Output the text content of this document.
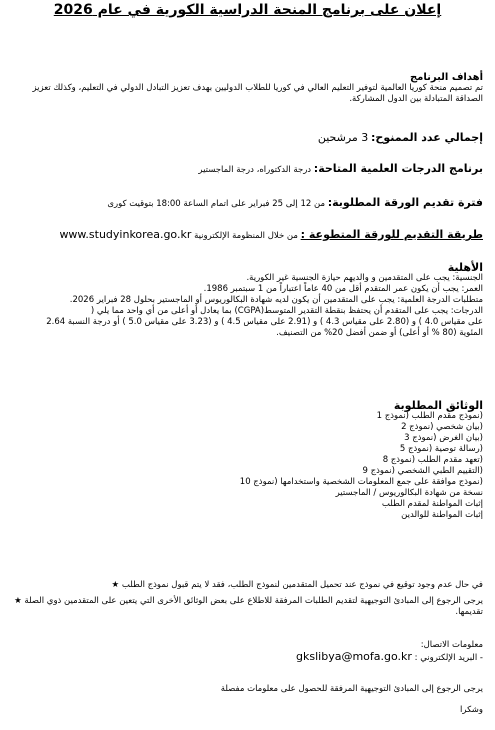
إعلان على برنامج المنحة الدراسية الكورية في عام 2026
أهداف البرنامج
تم تصميم منحة كوريا العالمية لتوفير التعليم العالي في كوريا للطلاب الدوليين بهدف تعزيز التبادل الدولي في التعليم، وكذلك تعزيز الصداقة المتبادلة بين الدول المشاركة.
إجمالي عدد الممنوح: 3 مرشحين
برنامج الدرجات العلمية المتاحة: درجة الدكتوراه، درجة الماجستير
فترة تقديم الورقة المطلوبة: من 12 إلى 25 فبراير على اتمام الساعة 18:00 بتوقيت كورى
طريقة التقديم للورقة المتطوعة : من خلال المنظومة الإلكترونية www.studyinkorea.go.kr
الأهلية
الجنسية: يجب على المتقدمين و والديهم حيازة الجنسية غير الكورية.
العمر: يجب أن يكون عمر المتقدم أقل من 40 عاماً اعتباراً من 1 سبتمبر 1986.
متطلبات الدرجة العلمية: يجب على المتقدمين أن يكون لديه شهادة البكالوريوس أو الماجستير بحلول 28 فبراير 2026.
الدرجات: يجب على المتقدم أن يحتفظ بنقطة التقدير المتوسط(CGPA) بما يعادل أو أعلى من أي واحد مما يلي (
على مقياس 4.0 ) و (2.80 على مقياس 4.3 ) و (2.91 على مقياس 4.5 ) و (3.23 على مقياس 5.0 ) أو درجة النسبة 2.64
المئوية (80 % أو أعلى) أو ضمن أفضل 20% من التصنيف.
الوثائق المطلوبة
(نموذج مقدم الطلب (نموذج 1
(بيان شخصي (نموذج 2
(بيان الغرض (نموذج 3
(رسالة توصية (نموذج 5
(تعهد مقدم الطلب (نموذج 8
(التقييم الطبي الشخصي (نموذج 9
(نموذج موافقة على جمع المعلومات الشخصية واستخدامها (نموذج 10
نسخة من شهادة البكالوريوس / الماجستير
إثبات المواطنة لمقدم الطلب
إثبات المواطنة للوالدين
في حال عدم وجود توقيع في نموذج عند تحميل المتقدمين لنموذج الطلب، فقد لا يتم قبول نموذج الطلب ★
يرجى الرجوع إلى المبادئ التوجيهية لتقديم الطلبات المرفقة للاطلاع على بعض الوثائق الأخرى التي يتعين على المتقدمين ذوي الصلة ★
تقديمها.
معلومات الاتصال:
- البريد الإلكتروني : gkslibya@mofa.go.kr
يرجى الرجوع إلى المبادئ التوجيهية المرفقة للحصول على معلومات مفصلة
وشكرا
